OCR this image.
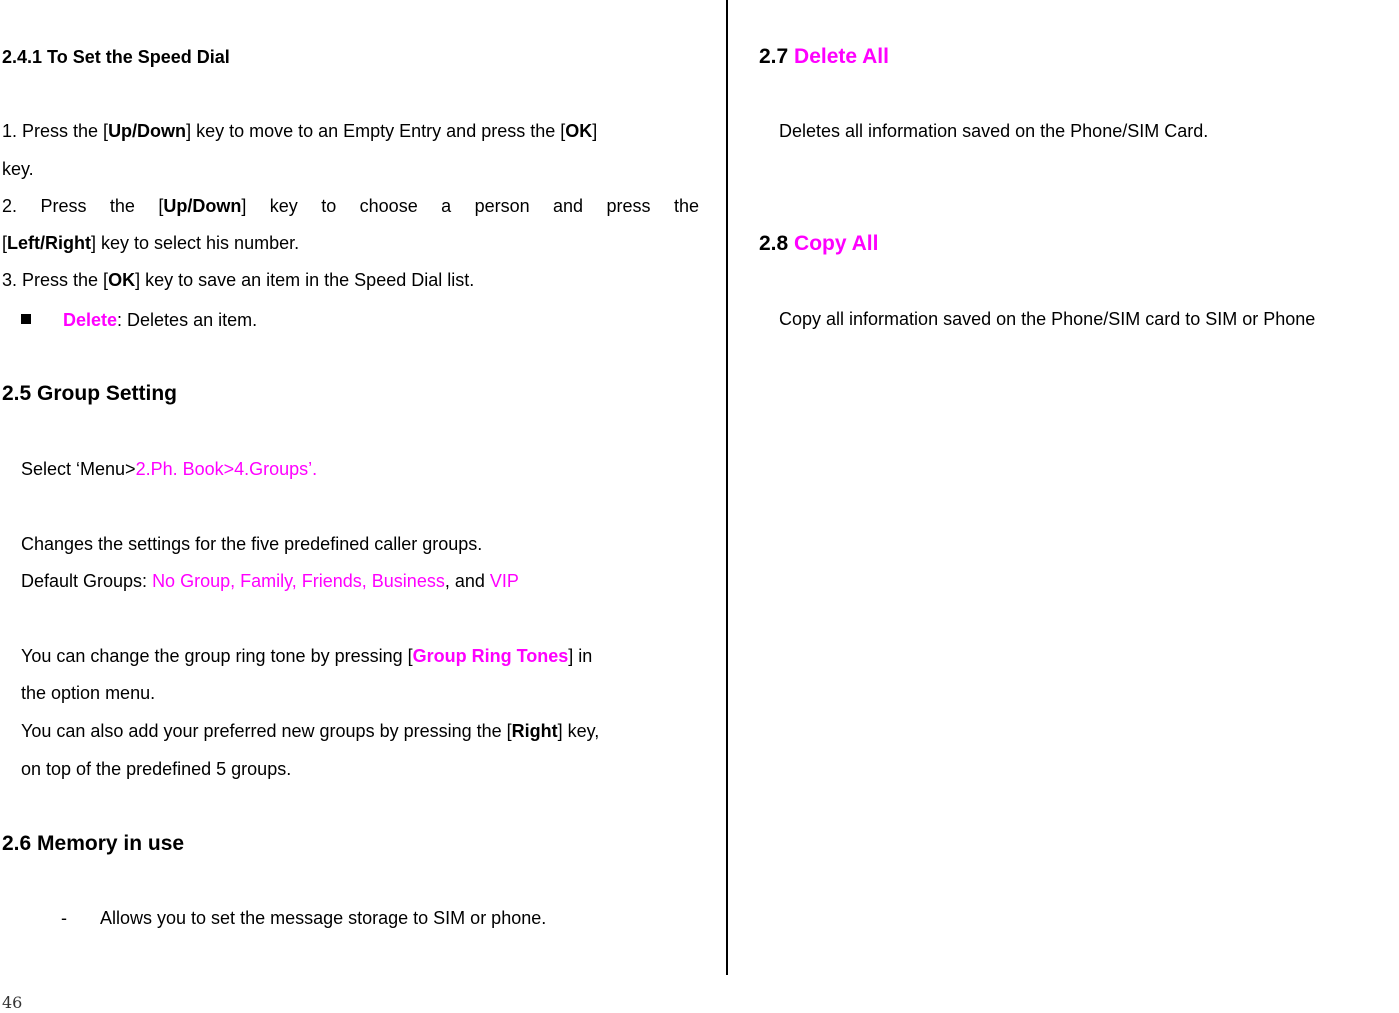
2.4.1 To Set the Speed Dial
1. Press the [Up/Down] key to move to an Empty Entry and press the [OK]
key.
2. Press the [Up/Down] key to choose a person and press the
[Left/Right] key to select his number.
3. Press the [OK] key to save an item in the Speed Dial list.
Delete: Deletes an item.
2.5 Group Setting
Select ‘Menu>2.Ph. Book>4.Groups’.
Changes the settings for the five predefined caller groups.
Default Groups: No Group, Family, Friends, Business, and VIP
You can change the group ring tone by pressing [Group Ring Tones] in
the option menu.
You can also add your preferred new groups by pressing the [Right] key,
on top of the predefined 5 groups.
2.6 Memory in use
- Allows you to set the message storage to SIM or phone.
2.7 Delete All
Deletes all information saved on the Phone/SIM Card.
2.8 Copy All
Copy all information saved on the Phone/SIM card to SIM or Phone
46
